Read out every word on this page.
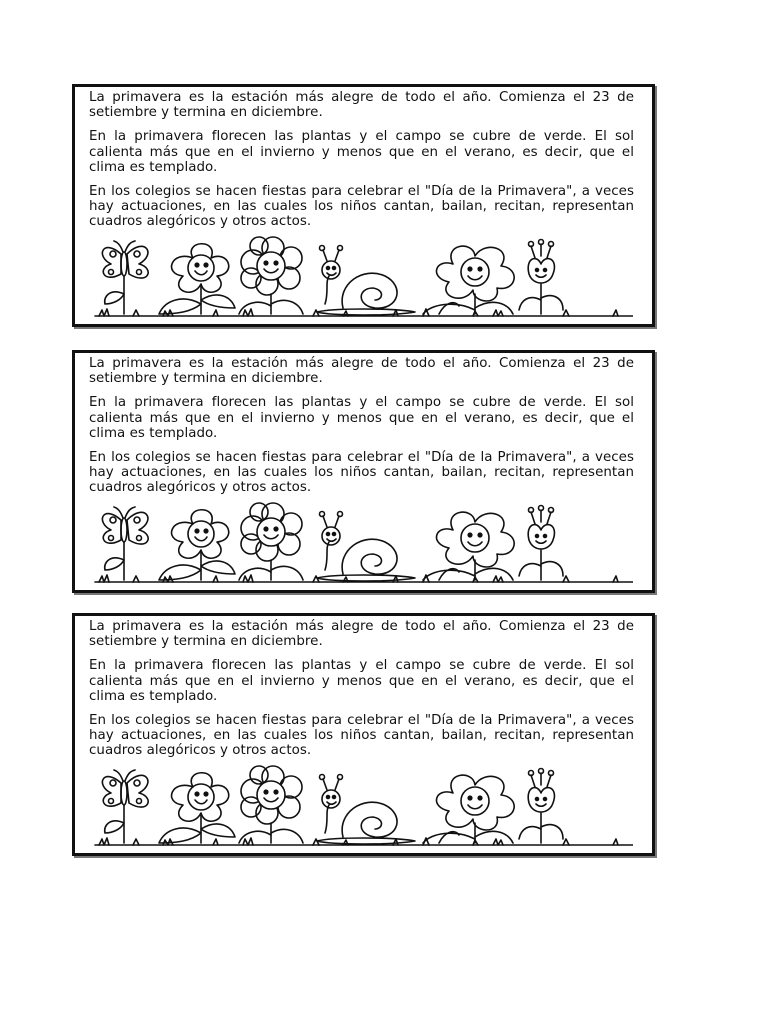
La primavera es la estación más alegre de todo el año. Comienza el 23 de setiembre y termina en diciembre.

En la primavera florecen las plantas y el campo se cubre de verde. El sol calienta más que en el invierno y menos que en el verano, es decir, que el clima es templado.

En los colegios se hacen fiestas para celebrar el "Día de la Primavera", a veces hay actuaciones, en las cuales los niños cantan, bailan, recitan, representan cuadros alegóricos y otros actos.

La primavera es la estación más alegre de todo el año. Comienza el 23 de setiembre y termina en diciembre.

En la primavera florecen las plantas y el campo se cubre de verde. El sol calienta más que en el invierno y menos que en el verano, es decir, que el clima es templado.

En los colegios se hacen fiestas para celebrar el "Día de la Primavera", a veces hay actuaciones, en las cuales los niños cantan, bailan, recitan, representan cuadros alegóricos y otros actos.

La primavera es la estación más alegre de todo el año. Comienza el 23 de setiembre y termina en diciembre.

En la primavera florecen las plantas y el campo se cubre de verde. El sol calienta más que en el invierno y menos que en el verano, es decir, que el clima es templado.

En los colegios se hacen fiestas para celebrar el "Día de la Primavera", a veces hay actuaciones, en las cuales los niños cantan, bailan, recitan, representan cuadros alegóricos y otros actos.
